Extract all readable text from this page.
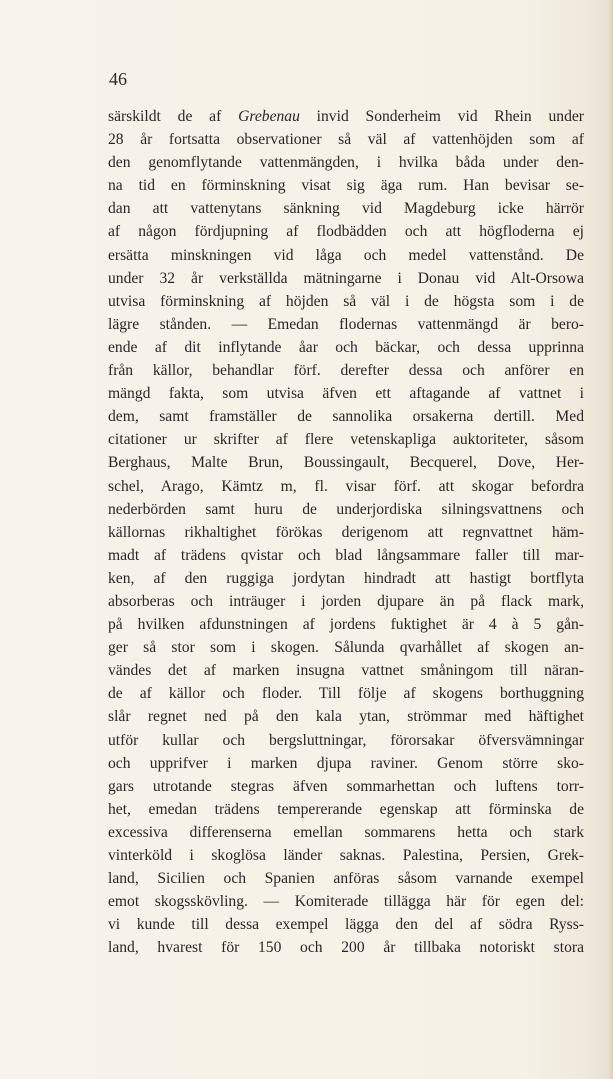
46
särskildt de af Grebenau invid Sonderheim vid Rhein under
28 år fortsatta observationer så väl af vattenhöjden som af
den genomflytande vattenmängden, i hvilka båda under den-
na tid en förminskning visat sig äga rum. Han bevisar se-
dan att vattenytans sänkning vid Magdeburg icke härrör
af någon fördjupning af flodbädden och att högfloderna ej
ersätta minskningen vid låga och medel vattenstånd. De
under 32 år verkställda mätningarne i Donau vid Alt-Orsowa
utvisa förminskning af höjden så väl i de högsta som i de
lägre stånden. — Emedan flodernas vattenmängd är bero-
ende af dit inflytande åar och bäckar, och dessa upprinna
från källor, behandlar förf. derefter dessa och anförer en
mängd fakta, som utvisa äfven ett aftagande af vattnet i
dem, samt framställer de sannolika orsakerna dertill. Med
citationer ur skrifter af flere vetenskapliga auktoriteter, såsom
Berghaus, Malte Brun, Boussingault, Becquerel, Dove, Her-
schel, Arago, Kämtz m, fl. visar förf. att skogar befordra
nederbörden samt huru de underjordiska silningsvattnens och
källornas rikhaltighet förökas derigenom att regnvattnet häm-
madt af trädens qvistar och blad långsammare faller till mar-
ken, af den ruggiga jordytan hindradt att hastigt bortflyta
absorberas och inträuger i jorden djupare än på flack mark,
på hvilken afdunstningen af jordens fuktighet är 4 à 5 gån-
ger så stor som i skogen. Sålunda qvarhållet af skogen an-
vändes det af marken insugna vattnet småningom till näran-
de af källor och floder. Till följe af skogens borthuggning
slår regnet ned på den kala ytan, strömmar med häftighet
utför kullar och bergsluttningar, förorsakar öfversvämningar
och upprifver i marken djupa raviner. Genom större sko-
gars utrotande stegras äfven sommarhettan och luftens torr-
het, emedan trädens tempererande egenskap att förminska de
excessiva differenserna emellan sommarens hetta och stark
vinterköld i skoglösa länder saknas. Palestina, Persien, Grek-
land, Sicilien och Spanien anföras såsom varnande exempel
emot skogsskövling. — Komiterade tillägga här för egen del:
vi kunde till dessa exempel lägga den del af södra Ryss-
land, hvarest för 150 och 200 år tillbaka notoriskt stora
